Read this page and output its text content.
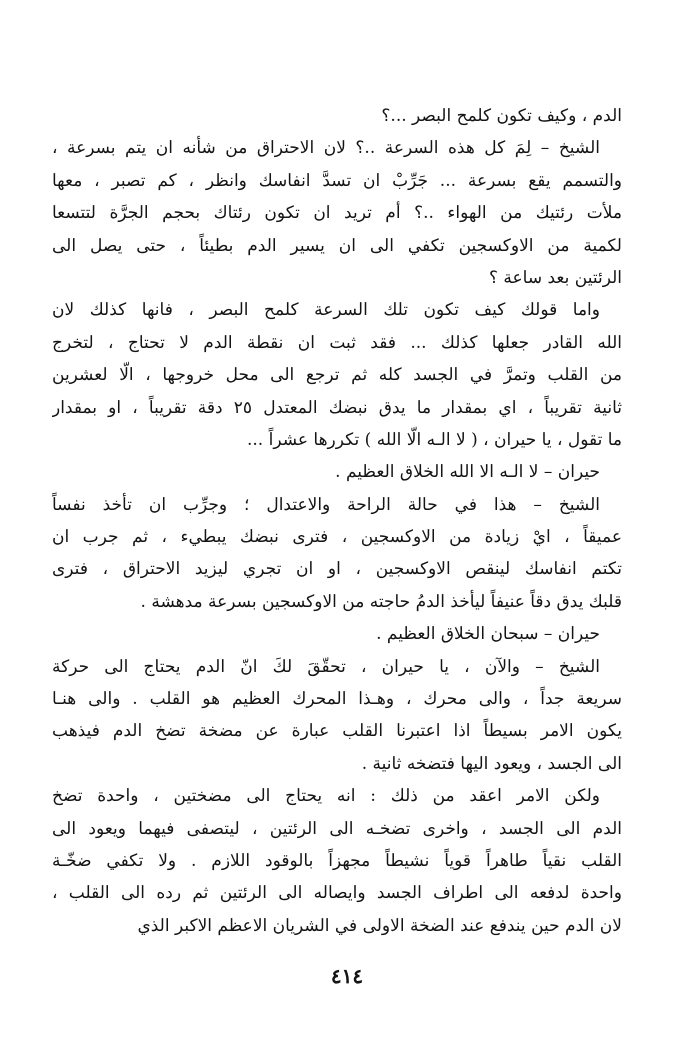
الدم ، وكيف تكون كلمح البصر ...؟
الشيخ – لِمَ كل هذه السرعة ..؟ لان الاحتراق من شأنه ان يتم بسرعة ،
والتسمم يقع بسرعة ... جَرِّبْ ان تسدَّ انفاسك وانظر ، كم تصبر ، معها
ملأت رئتيك من الهواء ..؟ أم تريد ان تكون رئتاك بحجم الجرَّة لتتسعا
لكمية من الاوكسجين تكفي الى ان يسير الدم بطيئاً ، حتى يصل الى
الرئتين بعد ساعة ؟
واما قولك كيف تكون تلك السرعة كلمح البصر ، فانها كذلك لان
الله القادر جعلها كذلك ... فقد ثبت ان نقطة الدم لا تحتاج ، لتخرج
من القلب وتمرَّ في الجسد كله ثم ترجع الى محل خروجها ، الّا لعشرين
ثانية تقريباً ، اي بمقدار ما يدق نبضك المعتدل ٢٥ دقة تقريباً ، او بمقدار
ما تقول ، يا حيران ، ( لا الـه الّا الله ) تكررها عشراً ...
حيران – لا الـه الا الله الخلاق العظيم .
الشيخ – هذا في حالة الراحة والاعتدال ؛ وجرِّب ان تأخذ نفساً
عميقاً ، ايْ زيادة من الاوكسجين ، فترى نبضك يبطيء ، ثم جرب ان
تكتم انفاسك لينقص الاوكسجين ، او ان تجري ليزيد الاحتراق ، فترى
قلبك يدق دقاً عنيفاً ليأخذ الدمُ حاجته من الاوكسجين بسرعة مدهشة .
حيران – سبحان الخلاق العظيم .
الشيخ – والآن ، يا حيران ، تحقّقَ لكَ انّ الدم يحتاج الى حركة
سريعة جداً ، والى محرك ، وهـذا المحرك العظيم هو القلب . والى هنـا
يكون الامر بسيطاً اذا اعتبرنا القلب عبارة عن مضخة تضخ الدم فيذهب
الى الجسد ، ويعود اليها فتضخه ثانية .
ولكن الامر اعقد من ذلك : انه يحتاج الى مضختين ، واحدة تضخ
الدم الى الجسد ، واخرى تضخـه الى الرئتين ، ليتصفى فيهما ويعود الى
القلب نقياً طاهراً قوياً نشيطاً مجهزاً بالوقود اللازم . ولا تكفي ضخّـة
واحدة لدفعه الى اطراف الجسد وايصاله الى الرئتين ثم رده الى القلب ،
لان الدم حين يندفع عند الضخة الاولى في الشريان الاعظم الاكبر الذي
٤١٤
